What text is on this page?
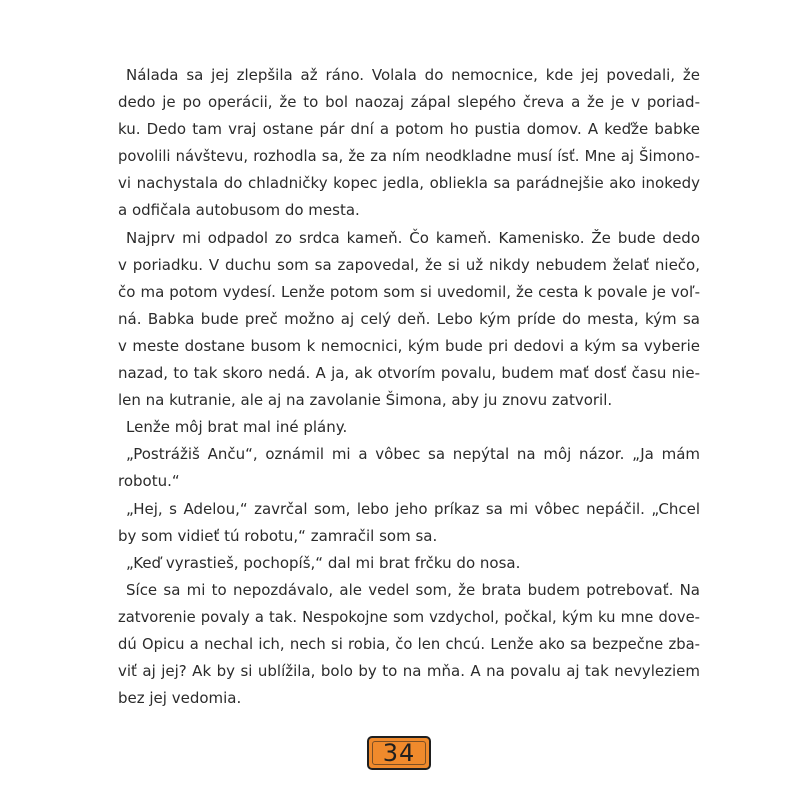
Nálada sa jej zlepšila až ráno. Volala do nemocnice, kde jej povedali, že
dedo je po operácii, že to bol naozaj zápal slepého čreva a že je v poriad-
ku. Dedo tam vraj ostane pár dní a potom ho pustia domov. A keďže babke
povolili návštevu, rozhodla sa, že za ním neodkladne musí ísť. Mne aj Šimono-
vi nachystala do chladničky kopec jedla, obliekla sa parádnejšie ako inokedy
a odfičala autobusom do mesta.
Najprv mi odpadol zo srdca kameň. Čo kameň. Kamenisko. Že bude dedo
v poriadku. V duchu som sa zapovedal, že si už nikdy nebudem želať niečo,
čo ma potom vydesí. Lenže potom som si uvedomil, že cesta k povale je voľ-
ná. Babka bude preč možno aj celý deň. Lebo kým príde do mesta, kým sa
v meste dostane busom k nemocnici, kým bude pri dedovi a kým sa vyberie
nazad, to tak skoro nedá. A ja, ak otvorím povalu, budem mať dosť času nie-
len na kutranie, ale aj na zavolanie Šimona, aby ju znovu zatvoril.
Lenže môj brat mal iné plány.
„Postrážiš Anču“, oznámil mi a vôbec sa nepýtal na môj názor. „Ja mám
robotu.“
„Hej, s Adelou,“ zavrčal som, lebo jeho príkaz sa mi vôbec nepáčil. „Chcel
by som vidieť tú robotu,“ zamračil som sa.
„Keď vyrastieš, pochopíš,“ dal mi brat frčku do nosa.
Síce sa mi to nepozdávalo, ale vedel som, že brata budem potrebovať. Na
zatvorenie povaly a tak. Nespokojne som vzdychol, počkal, kým ku mne dove-
dú Opicu a nechal ich, nech si robia, čo len chcú. Lenže ako sa bezpečne zba-
viť aj jej? Ak by si ublížila, bolo by to na mňa. A na povalu aj tak nevyleziem
bez jej vedomia.
34
